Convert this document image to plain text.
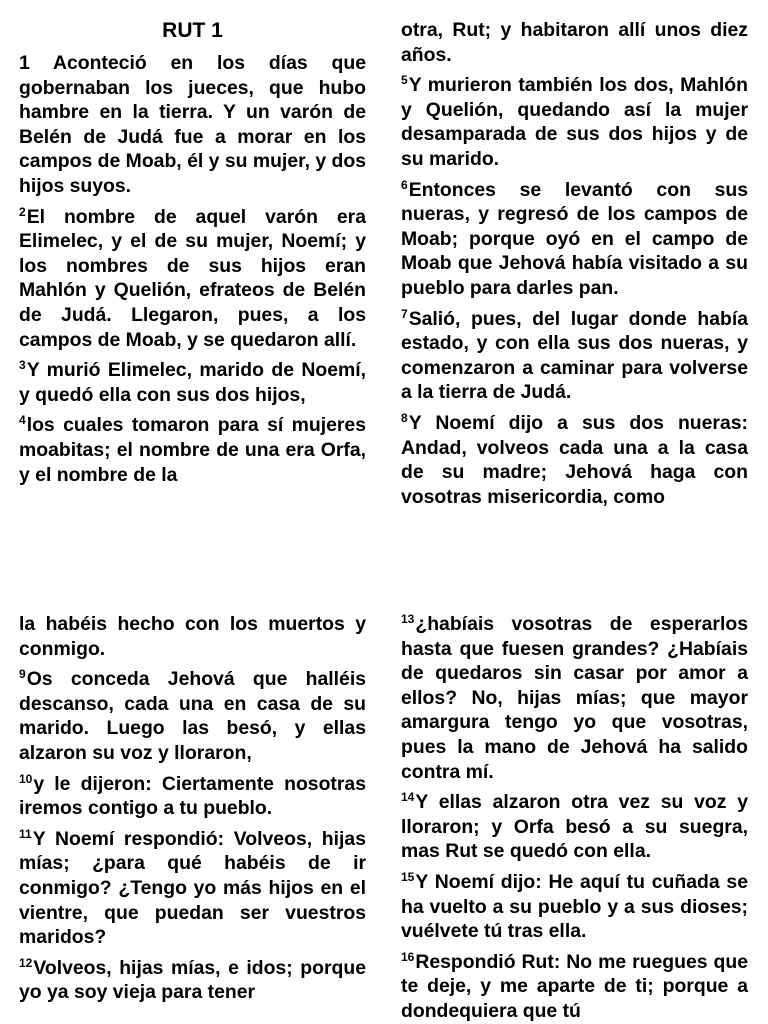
RUT 1

1 Aconteció en los días que gobernaban los jueces, que hubo hambre en la tierra. Y un varón de Belén de Judá fue a morar en los campos de Moab, él y su mujer, y dos hijos suyos.

$^2$El nombre de aquel varón era Elimelec, y el de su mujer, Noemí; y los nombres de sus hijos eran Mahlón y Quelión, efrateos de Belén de Judá. Llegaron, pues, a los campos de Moab, y se quedaron allí.

$^3$Y murió Elimelec, marido de Noemí, y quedó ella con sus dos hijos,

$^4$los cuales tomaron para sí mujeres moabitas; el nombre de una era Orfa, y el nombre de la

otra, Rut; y habitaron allí unos diez años.

$^5$Y murieron también los dos, Mahlón y Quelión, quedando así la mujer desamparada de sus dos hijos y de su marido.

$^6$Entonces se levantó con sus nueras, y regresó de los campos de Moab; porque oyó en el campo de Moab que Jehová había visitado a su pueblo para darles pan.

$^7$Salió, pues, del lugar donde había estado, y con ella sus dos nueras, y comenzaron a caminar para volverse a la tierra de Judá.

$^8$Y Noemí dijo a sus dos nueras: Andad, volveos cada una a la casa de su madre; Jehová haga con vosotras misericordia, como

la habéis hecho con los muertos y conmigo.

$^9$Os conceda Jehová que halléis descanso, cada una en casa de su marido. Luego las besó, y ellas alzaron su voz y lloraron,

$^{10}$y le dijeron: Ciertamente nosotras iremos contigo a tu pueblo.

$^{11}$Y Noemí respondió: Volveos, hijas mías; ¿para qué habéis de ir conmigo? ¿Tengo yo más hijos en el vientre, que puedan ser vuestros maridos?

$^{12}$Volveos, hijas mías, e idos; porque yo ya soy vieja para tener

$^{13}$¿habíais vosotras de esperarlos hasta que fuesen grandes? ¿Habíais de quedaros sin casar por amor a ellos? No, hijas mías; que mayor amargura tengo yo que vosotras, pues la mano de Jehová ha salido contra mí.

$^{14}$Y ellas alzaron otra vez su voz y lloraron; y Orfa besó a su suegra, mas Rut se quedó con ella.

$^{15}$Y Noemí dijo: He aquí tu cuñada se ha vuelto a su pueblo y a sus dioses; vuélvete tú tras ella.

$^{16}$Respondió Rut: No me ruegues que te deje, y me aparte de ti; porque a dondequiera que tú
